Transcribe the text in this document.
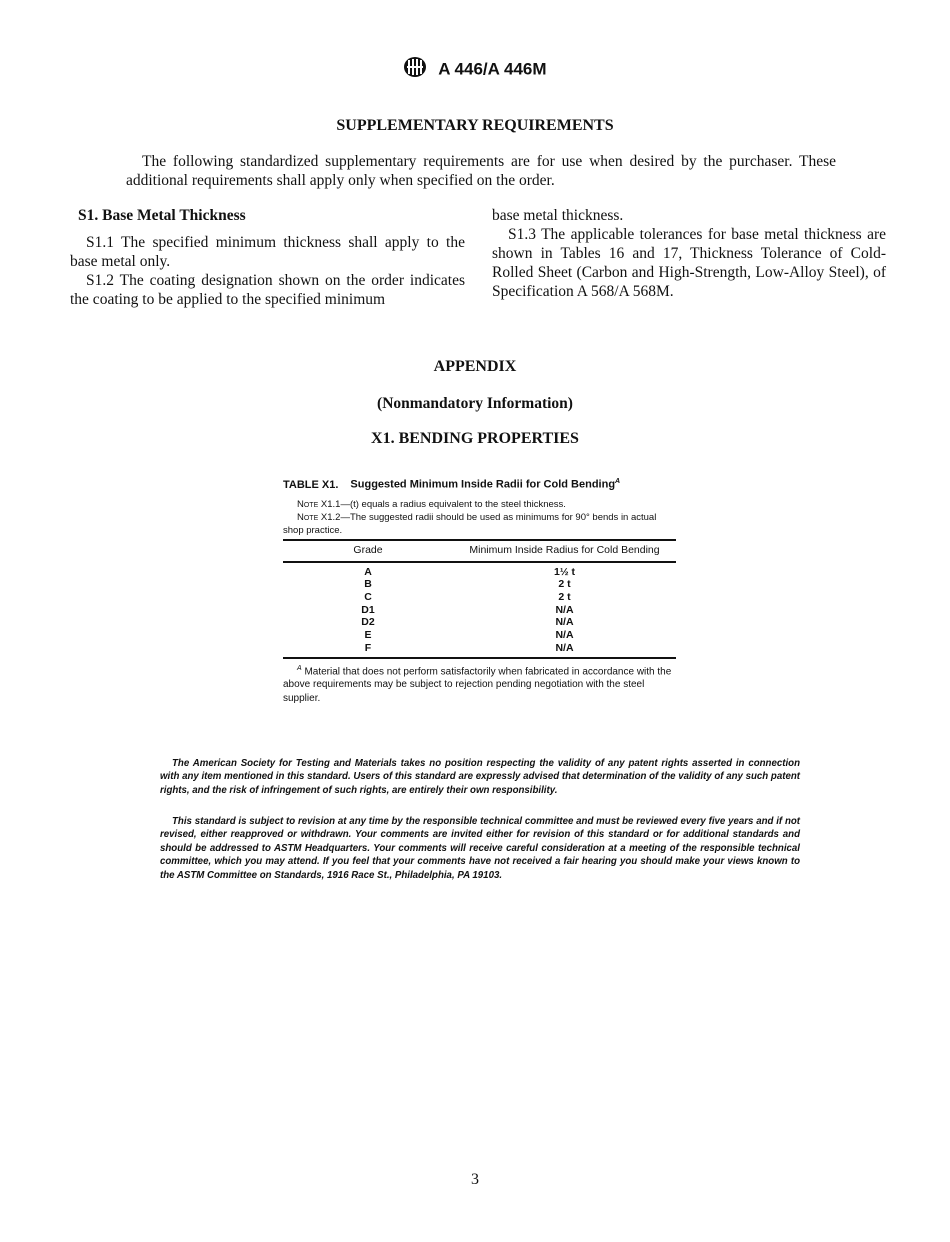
A 446/A 446M
SUPPLEMENTARY REQUIREMENTS
The following standardized supplementary requirements are for use when desired by the purchaser. These additional requirements shall apply only when specified on the order.

S1. Base Metal Thickness

S1.1 The specified minimum thickness shall apply to the base metal only.

S1.2 The coating designation shown on the order indicates the coating to be applied to the specified minimum

base metal thickness.

S1.3 The applicable tolerances for base metal thickness are shown in Tables 16 and 17, Thickness Tolerance of Cold-Rolled Sheet (Carbon and High-Strength, Low-Alloy Steel), of Specification A 568/A 568M.

APPENDIX
(Nonmandatory Information)
X1. BENDING PROPERTIES
TABLE X1. Suggested Minimum Inside Radii for Cold Bending$^A$
Note X1.1—(t) equals a radius equivalent to the steel thickness.
Note X1.2—The suggested radii should be used as minimums for 90° bends in actual shop practice.
Grade	Minimum Inside Radius for Cold Bending
A	1½ t
B	2 t
C	2 t
D1	N/A
D2	N/A
E	N/A
F	N/A
$^A$ Material that does not perform satisfactorily when fabricated in accordance with the above requirements may be subject to rejection pending negotiation with the steel supplier.
The American Society for Testing and Materials takes no position respecting the validity of any patent rights asserted in connection with any item mentioned in this standard. Users of this standard are expressly advised that determination of the validity of any such patent rights, and the risk of infringement of such rights, are entirely their own responsibility.
This standard is subject to revision at any time by the responsible technical committee and must be reviewed every five years and if not revised, either reapproved or withdrawn. Your comments are invited either for revision of this standard or for additional standards and should be addressed to ASTM Headquarters. Your comments will receive careful consideration at a meeting of the responsible technical committee, which you may attend. If you feel that your comments have not received a fair hearing you should make your views known to the ASTM Committee on Standards, 1916 Race St., Philadelphia, PA 19103.
3
